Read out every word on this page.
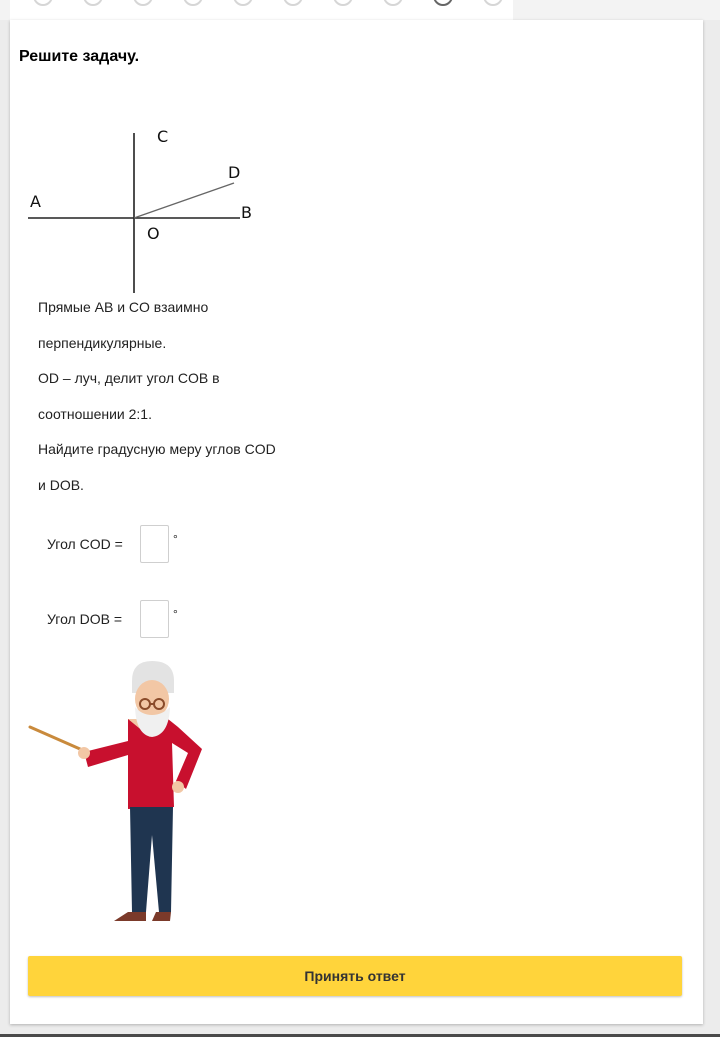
Решите задачу.
A
B
C
D
O

Прямые AB и CO взаимно

перпендикулярные.

OD – луч, делит угол COB в

соотношении 2:1.

Найдите градусную меру углов COD

и DOB.

Угол COD =	°
Угол DOB =	°
Принять ответ
